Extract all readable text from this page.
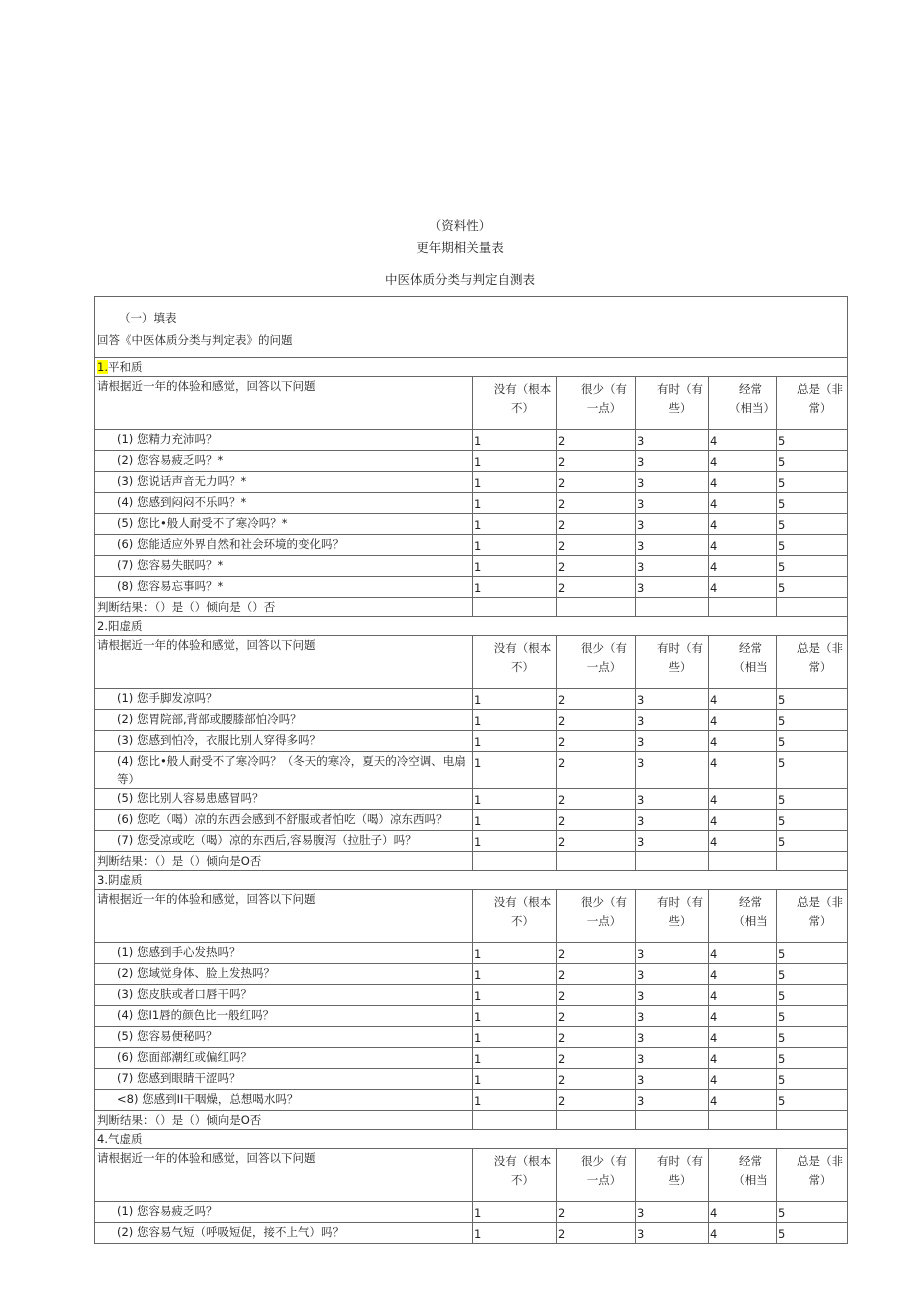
（资料性）
更年期相关量表
中医体质分类与判定自测表
（一）填表
回答《中医体质分类与判定表》的问题					

1.平和质					
请根据近一年的体验和感觉，回答以下问题	没有（根本不）	很少（有一点）	有时（有些）	经常（相当）	总是（非常）
(1) 您精力充沛吗？	1	2	3	4	5
(2) 您容易疲乏吗？*	1	2	3	4	5
(3) 您说话声音无力吗？*	1	2	3	4	5
(4) 您感到闷闷不乐吗？*	1	2	3	4	5
(5) 您比•般人耐受不了寒冷吗？*	1	2	3	4	5
(6) 您能适应外界自然和社会环境的变化吗？	1	2	3	4	5
(7) 您容易失眠吗？*	1	2	3	4	5
(8) 您容易忘事吗？*	1	2	3	4	5
判断结果：（）是（）倾向是（）否					
2.阳虚质					
请根据近一年的体验和感觉，回答以下问题	没有（根本不）	很少（有一点）	有时（有些）	经常（相当	总是（非常）
(1) 您手脚发凉吗？	1	2	3	4	5
(2) 您胃院部,背部或腰膝部怕冷吗？	1	2	3	4	5
(3) 您感到怕冷，衣服比别人穿得多吗？	1	2	3	4	5
(4) 您比•般人耐受不了寒冷吗？（冬天的寒冷，夏天的冷空调、电扇等）	1	2	3	4	5
(5) 您比别人容易患感冒吗？	1	2	3	4	5
(6) 您吃（喝）凉的东西会感到不舒服或者怕吃（喝）凉东西吗？	1	2	3	4	5
(7) 您受凉或吃（喝）凉的东西后,容易腹泻（拉肚子）吗？	1	2	3	4	5
判断结果：（）是（）倾向是O否					
3.阴虚质					
请根据近一年的体验和感觉，回答以下问题	没有（根本不）	很少（有一点）	有时（有些）	经常（相当	总是（非常）
(1) 您感到手心发热吗？	1	2	3	4	5
(2) 您域觉身体、脸上发热吗？	1	2	3	4	5
(3) 您皮肤或者口唇干吗？	1	2	3	4	5
(4) 您I1唇的颜色比一般红吗？	1	2	3	4	5
(5) 您容易便秘吗？	1	2	3	4	5
(6) 您面部潮红或偏红吗？	1	2	3	4	5
(7) 您感到眼睛干涩吗？	1	2	3	4	5
<8) 您感到II干咽燥，总想喝水吗？	1	2	3	4	5
判断结果：（）是（）倾向是O否					
4.气虚质					
请根据近一年的体验和感觉，回答以下问题	没有（根本不）	很少（有一点）	有时（有些）	经常（相当	总是（非常）
(1) 您容易疲乏吗？	1	2	3	4	5
(2) 您容易气短（呼吸短促，接不上气）吗？	1	2	3	4	5
